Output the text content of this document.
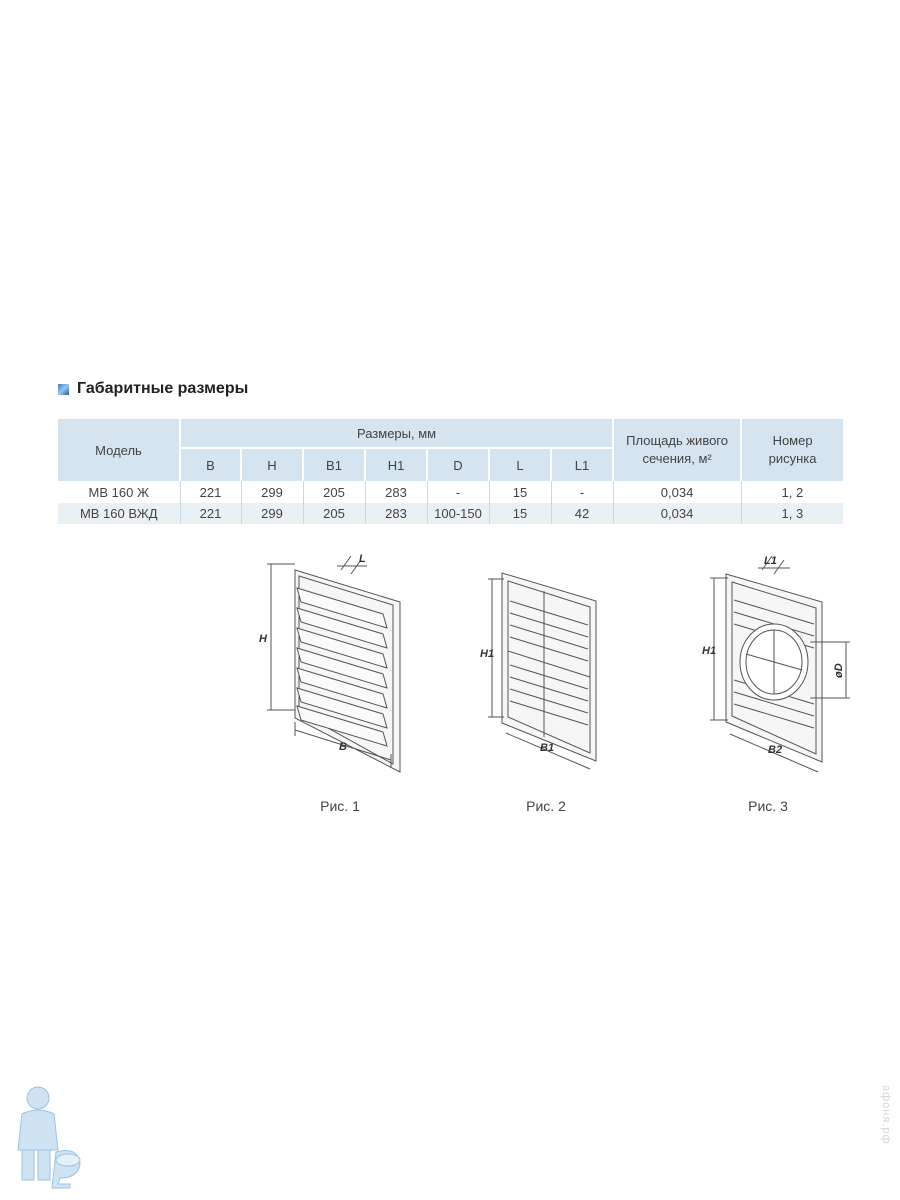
Габаритные размеры
Модель	Размеры, мм							Площадь живого сечения, м²	Номер рисунка
	B	H	B1	H1	D	L	L1		
МВ 160 Ж	221	299	205	283	-	15	-	0,034	1, 2
МВ 160 ВЖД	221	299	205	283	100-150	15	42	0,034	1, 3
H
L
B
Рис. 1
H1
B1
Рис. 2
H1
L1
B2
øD
Рис. 3
афоня.рф
